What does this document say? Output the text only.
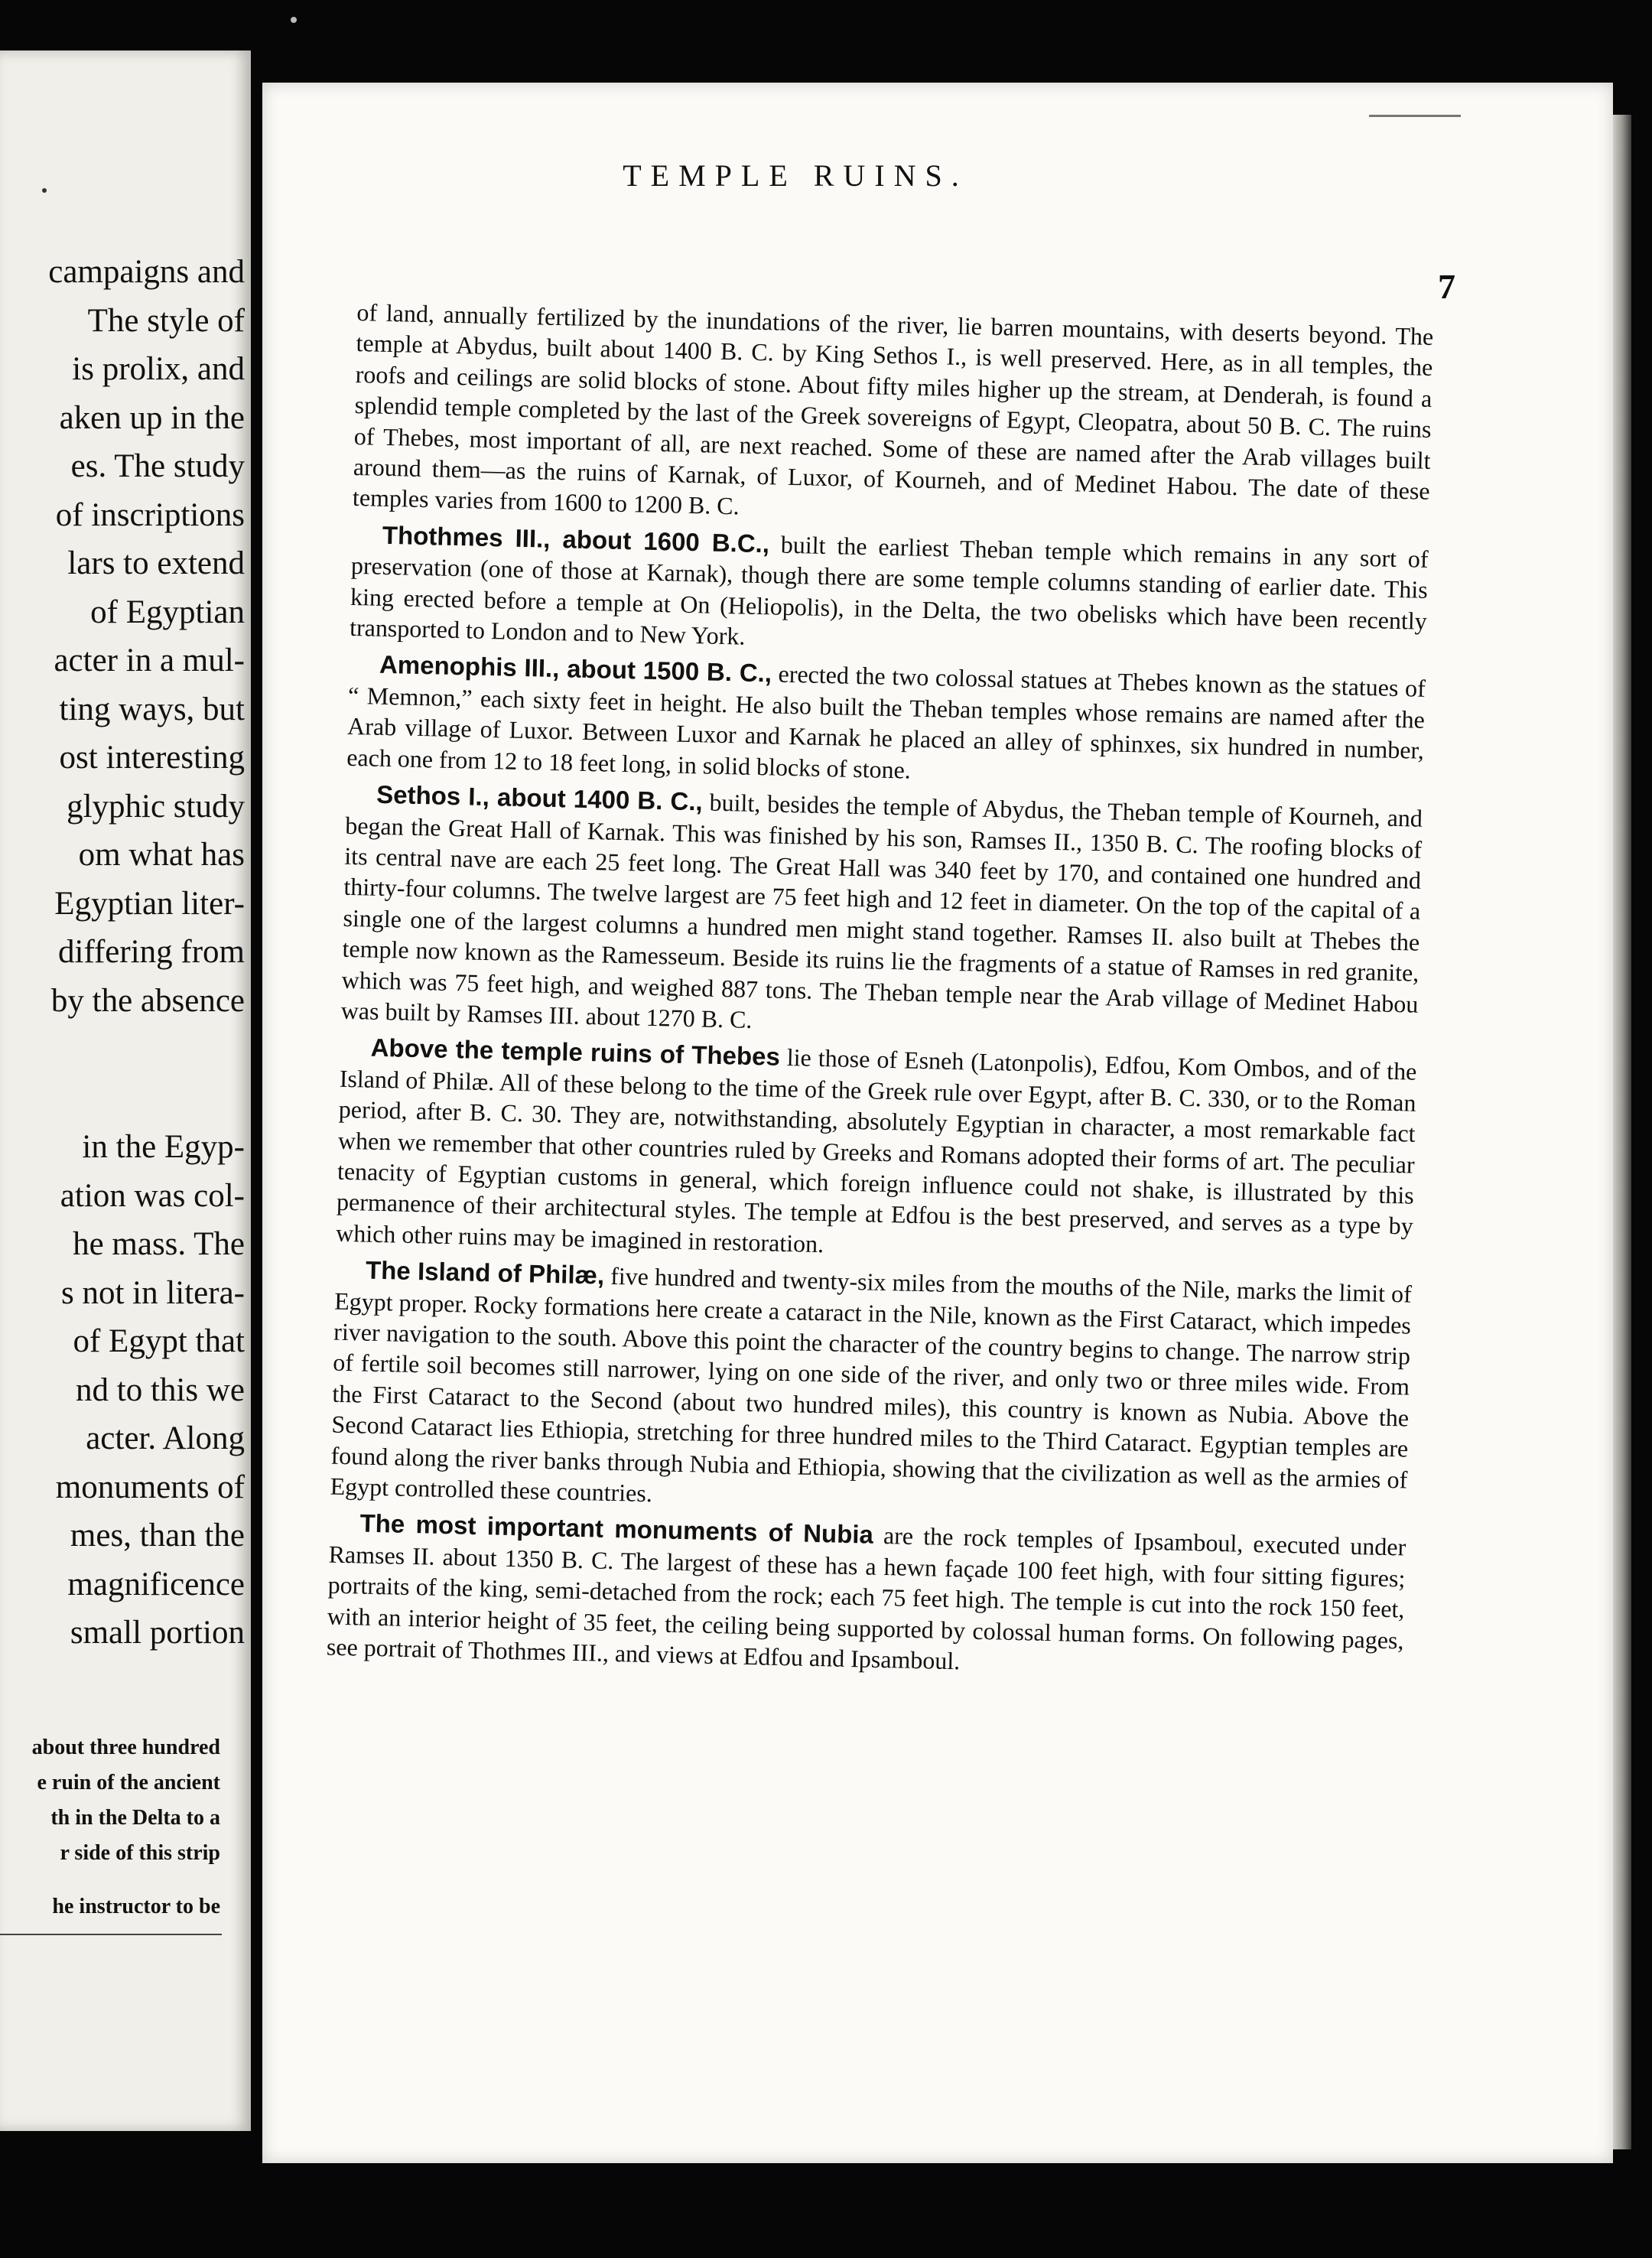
campaigns and
The style of
is prolix, and
aken up in the
es. The study
of inscriptions
lars to extend
of Egyptian
acter in a mul-
ting ways, but
ost interesting
glyphic study
om what has
Egyptian liter-
differing from
by the absence
in the Egyp-
ation was col-
he mass. The
s not in litera-
of Egypt that
nd to this we
acter. Along
monuments of
mes, than the
magnificence
small portion
about three hundred
e ruin of the ancient
th in the Delta to a
r side of this strip
he instructor to be
TEMPLE RUINS.
7

of land, annually fertilized by the inundations of the river, lie barren mountains, with deserts beyond. The temple at Abydus, built about 1400 B. C. by King Sethos I., is well preserved. Here, as in all temples, the roofs and ceilings are solid blocks of stone. About fifty miles higher up the stream, at Denderah, is found a splendid temple completed by the last of the Greek sovereigns of Egypt, Cleopatra, about 50 B. C. The ruins of Thebes, most important of all, are next reached. Some of these are named after the Arab villages built around them—as the ruins of Karnak, of Luxor, of Kourneh, and of Medinet Habou. The date of these temples varies from 1600 to 1200 B. C.

Thothmes III., about 1600 B.C., built the earliest Theban temple which remains in any sort of preservation (one of those at Karnak), though there are some temple columns standing of earlier date. This king erected before a temple at On (Heliopolis), in the Delta, the two obelisks which have been recently transported to London and to New York.

Amenophis III., about 1500 B. C., erected the two colossal statues at Thebes known as the statues of “ Memnon,” each sixty feet in height. He also built the Theban temples whose remains are named after the Arab village of Luxor. Between Luxor and Karnak he placed an alley of sphinxes, six hundred in number, each one from 12 to 18 feet long, in solid blocks of stone.

Sethos I., about 1400 B. C., built, besides the temple of Abydus, the Theban temple of Kourneh, and began the Great Hall of Karnak. This was finished by his son, Ramses II., 1350 B. C. The roofing blocks of its central nave are each 25 feet long. The Great Hall was 340 feet by 170, and contained one hundred and thirty-four columns. The twelve largest are 75 feet high and 12 feet in diameter. On the top of the capital of a single one of the largest columns a hundred men might stand together. Ramses II. also built at Thebes the temple now known as the Ramesseum. Beside its ruins lie the fragments of a statue of Ramses in red granite, which was 75 feet high, and weighed 887 tons. The Theban temple near the Arab village of Medinet Habou was built by Ramses III. about 1270 B. C.

Above the temple ruins of Thebes lie those of Esneh (Latonpolis), Edfou, Kom Ombos, and of the Island of Philæ. All of these belong to the time of the Greek rule over Egypt, after B. C. 330, or to the Roman period, after B. C. 30. They are, notwithstanding, absolutely Egyptian in character, a most remarkable fact when we remember that other countries ruled by Greeks and Romans adopted their forms of art. The peculiar tenacity of Egyptian customs in general, which foreign influence could not shake, is illustrated by this permanence of their architectural styles. The temple at Edfou is the best preserved, and serves as a type by which other ruins may be imagined in restoration.

The Island of Philæ, five hundred and twenty-six miles from the mouths of the Nile, marks the limit of Egypt proper. Rocky formations here create a cataract in the Nile, known as the First Cataract, which impedes river navigation to the south. Above this point the character of the country begins to change. The narrow strip of fertile soil becomes still narrower, lying on one side of the river, and only two or three miles wide. From the First Cataract to the Second (about two hundred miles), this country is known as Nubia. Above the Second Cataract lies Ethiopia, stretching for three hundred miles to the Third Cataract. Egyptian temples are found along the river banks through Nubia and Ethiopia, showing that the civilization as well as the armies of Egypt controlled these countries.

The most important monuments of Nubia are the rock temples of Ipsamboul, executed under Ramses II. about 1350 B. C. The largest of these has a hewn façade 100 feet high, with four sitting figures; portraits of the king, semi-detached from the rock; each 75 feet high. The temple is cut into the rock 150 feet, with an interior height of 35 feet, the ceiling being supported by colossal human forms. On following pages, see portrait of Thothmes III., and views at Edfou and Ipsamboul.
